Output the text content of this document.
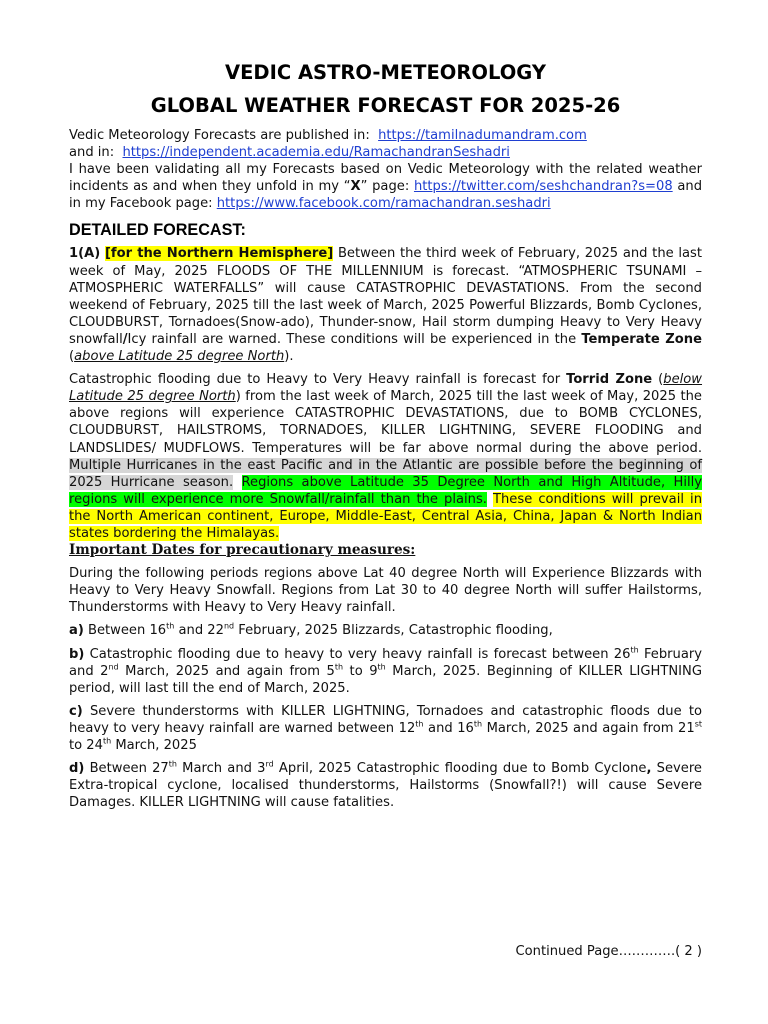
VEDIC ASTRO-METEOROLOGY
GLOBAL WEATHER FORECAST FOR 2025-26

Vedic Meteorology Forecasts are published in: https://tamilnadumandram.com

and in: https://independent.academia.edu/RamachandranSeshadri

I have been validating all my Forecasts based on Vedic Meteorology with the related weather incidents as and when they unfold in my “X” page: https://twitter.com/seshchandran?s=08 and in my Facebook page: https://www.facebook.com/ramachandran.seshadri

DETAILED FORECAST:

1(A) [for the Northern Hemisphere] Between the third week of February, 2025 and the last week of May, 2025 FLOODS OF THE MILLENNIUM is forecast. “ATMOSPHERIC TSUNAMI – ATMOSPHERIC WATERFALLS” will cause CATASTROPHIC DEVASTATIONS. From the second weekend of February, 2025 till the last week of March, 2025 Powerful Blizzards, Bomb Cyclones, CLOUDBURST, Tornadoes(Snow-ado), Thunder-snow, Hail storm dumping Heavy to Very Heavy snowfall/Icy rainfall are warned. These conditions will be experienced in the Temperate Zone (above Latitude 25 degree North).

Catastrophic flooding due to Heavy to Very Heavy rainfall is forecast for Torrid Zone (below Latitude 25 degree North) from the last week of March, 2025 till the last week of May, 2025 the above regions will experience CATASTROPHIC DEVASTATIONS, due to BOMB CYCLONES, CLOUDBURST, HAILSTROMS, TORNADOES, KILLER LIGHTNING, SEVERE FLOODING and LANDSLIDES/ MUDFLOWS. Temperatures will be far above normal during the above period. Multiple Hurricanes in the east Pacific and in the Atlantic are possible before the beginning of 2025 Hurricane season. Regions above Latitude 35 Degree North and High Altitude, Hilly regions will experience more Snowfall/rainfall than the plains. These conditions will prevail in the North American continent, Europe, Middle-East, Central Asia, China, Japan & North Indian states bordering the Himalayas.

Important Dates for precautionary measures:

During the following periods regions above Lat 40 degree North will Experience Blizzards with Heavy to Very Heavy Snowfall. Regions from Lat 30 to 40 degree North will suffer Hailstorms, Thunderstorms with Heavy to Very Heavy rainfall.

a) Between 16th and 22nd February, 2025 Blizzards, Catastrophic flooding,

b) Catastrophic flooding due to heavy to very heavy rainfall is forecast between 26th February and 2nd March, 2025 and again from 5th to 9th March, 2025. Beginning of KILLER LIGHTNING period, will last till the end of March, 2025.

c) Severe thunderstorms with KILLER LIGHTNING, Tornadoes and catastrophic floods due to heavy to very heavy rainfall are warned between 12th and 16th March, 2025 and again from 21st to 24th March, 2025

d) Between 27th March and 3rd April, 2025 Catastrophic flooding due to Bomb Cyclone, Severe Extra-tropical cyclone, localised thunderstorms, Hailstorms (Snowfall?!) will cause Severe Damages. KILLER LIGHTNING will cause fatalities.

Continued Page………….( 2 )
